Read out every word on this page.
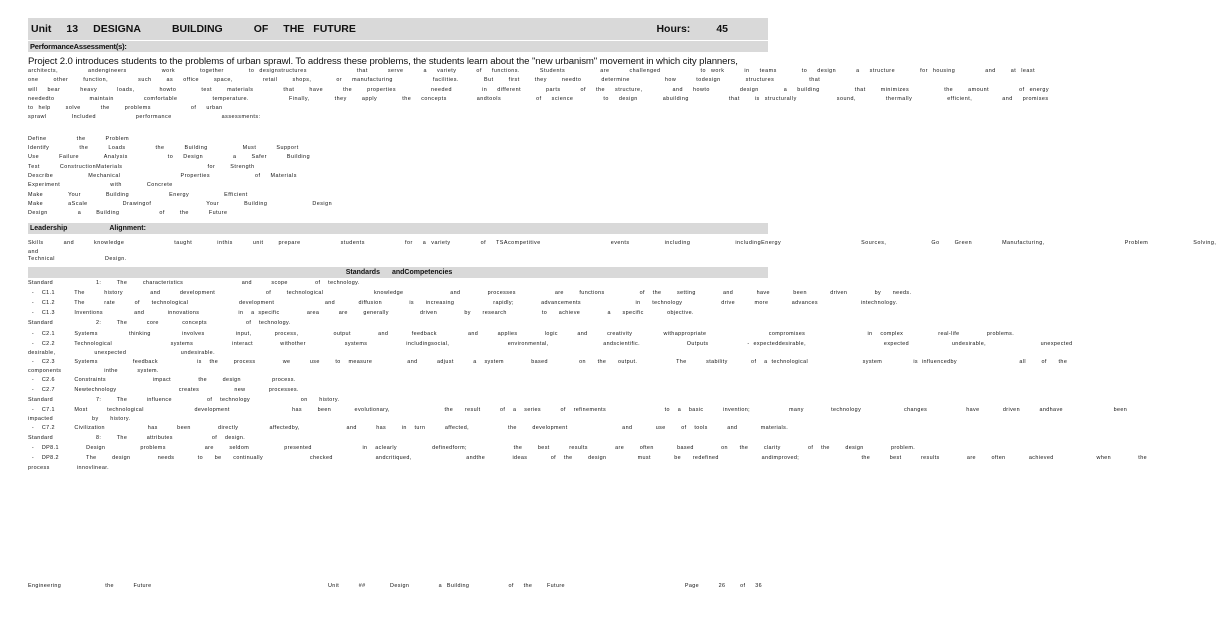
Unit 13 DESIGNA	BUILDING	OF THE FUTURE	Hours: 45
PerformanceAssessment(s):
Project 2.0 introduces students to the problems of urban sprawl. To address these problems, the students learn about the "new urbanism" movement in which city planners,
architects,      andengineers       work     together     to designstructures          that    serve    a  variety    of  functions.    Students       are    challenged        to work    in  teams     to  design    a  structure     for housing      and   at least
one   other   function,      such   as  office   space,      retail   shops,     or  manufacturing        facilities.     But   first   they   needto    determine       how    todesign     structures       that
will  bear    heavy    loads,     howto     test   materials      that   have    the   properties       needed      in  different     parts    of  the  structure,      and  howto      design     a  building       that   minimizes       the   amount      of energy
neededto       maintain      comfortable       temperature.        Finally,     they   apply     the  concepts      andtools       of  science      to  design     abuilding        that   is structurally        sound,      thermally       efficient,      and  promises
to help   solve    the   problems        of  urban
sprawl     Included        performance          assessments:
Define      the    Problem
Identify      the    Loads      the    Building       Must    Support
Use    Failure     Analysis        to  Design      a   Safer    Building
Test    ConstructionMaterials                 for   Strength
Describe       Mechanical            Properties         of  Materials
Experiment          with     Concrete
Make     Your     Building        Energy       Efficient
Make     aScale       Drawingof           Your     Building         Design
Design      a   Building        of   the    Future
Leadership	Alignment:
Skills    and    knowledge          taught     inthis    unit   prepare        students        for  a variety      of  TSAcompetitive              events       including         includingEnergy                Sources,         Go   Green      Manufacturing,                Problem         Solving,
and
Technical          Design.
Standards andCompetencies
Standard           1:    The    characteristics               and     scope       of  technology.
-  C1.1     The     history       and     development             of    technological             knowledge            and       processes          are    functions         of  the    setting       and      have      been      driven       by   needs.
-  C1.2     The     rate     of   technological             development             and      diffusion       is   increasing          rapidly;       advancements              in   technology          drive     more      advances           intechnology.
-  C1.3     Inventions        and      innovations          in  a specific       area     are    generally        driven       by   research         to   achieve       a   specific      objective.
Standard           2:    The     core      concepts          of  technology.
-  C2.1     Systems        thinking        involves        input,      process,         output       and      feedback        and     applies       logic     and     creativity        withappropriate                compromises                in  complex         real-life       problems.
-  C2.2     Technological               systems          interact       withother          systems          includingsocial,               environmental,              andscientific.            Outputs          - expecteddesirable,                    expected           undesirable,              unexpected
desirable,          unexpected              undesirable.
-  C2.3     Systems         feedback          is  the    process       we     use    to  measure         and     adjust     a  system       based        on   the   output.          The     stability      of  a technological              system        is influencedby                all    of   the
components           inthe     system.
-  C2.6     Constraints            impact       the    design        process.
-  C2.7     Newtechnology                creates         new      processes.
Standard           7:    The     influence         of  technology             on   history.
-  C7.1     Most     technological             development                has    been      evolutionary,              the   result     of  a  series     of  refinements               to  a  basic     invention;          many       technology           changes          have      driven     andhave             been
impacted          by   history.
-  C7.2     Civilization           has     been       directly        affectedby,            and     has    in  turn     affected,          the    development              and      use    of  tools     and      materials.
Standard           8:    The     attributes          of  design.
-  DP8.1       Design         problems          are    seldom         presented             in  aclearly         definedform;            the    best     results       are    often      based       on   the    clarity       of  the    design       problem.
-  DP8.2       The    design       needs      to   be   continually            checked           andcritiqued,              andthe       ideas      of  the    design        must      be   redefined           andimproved;                the     best     results       are    often      achieved           when       the
process       innovlinear.
Engineering         the    Future	Unit    ##     Design      a Building        of  the   Future	Page    26   of  36
